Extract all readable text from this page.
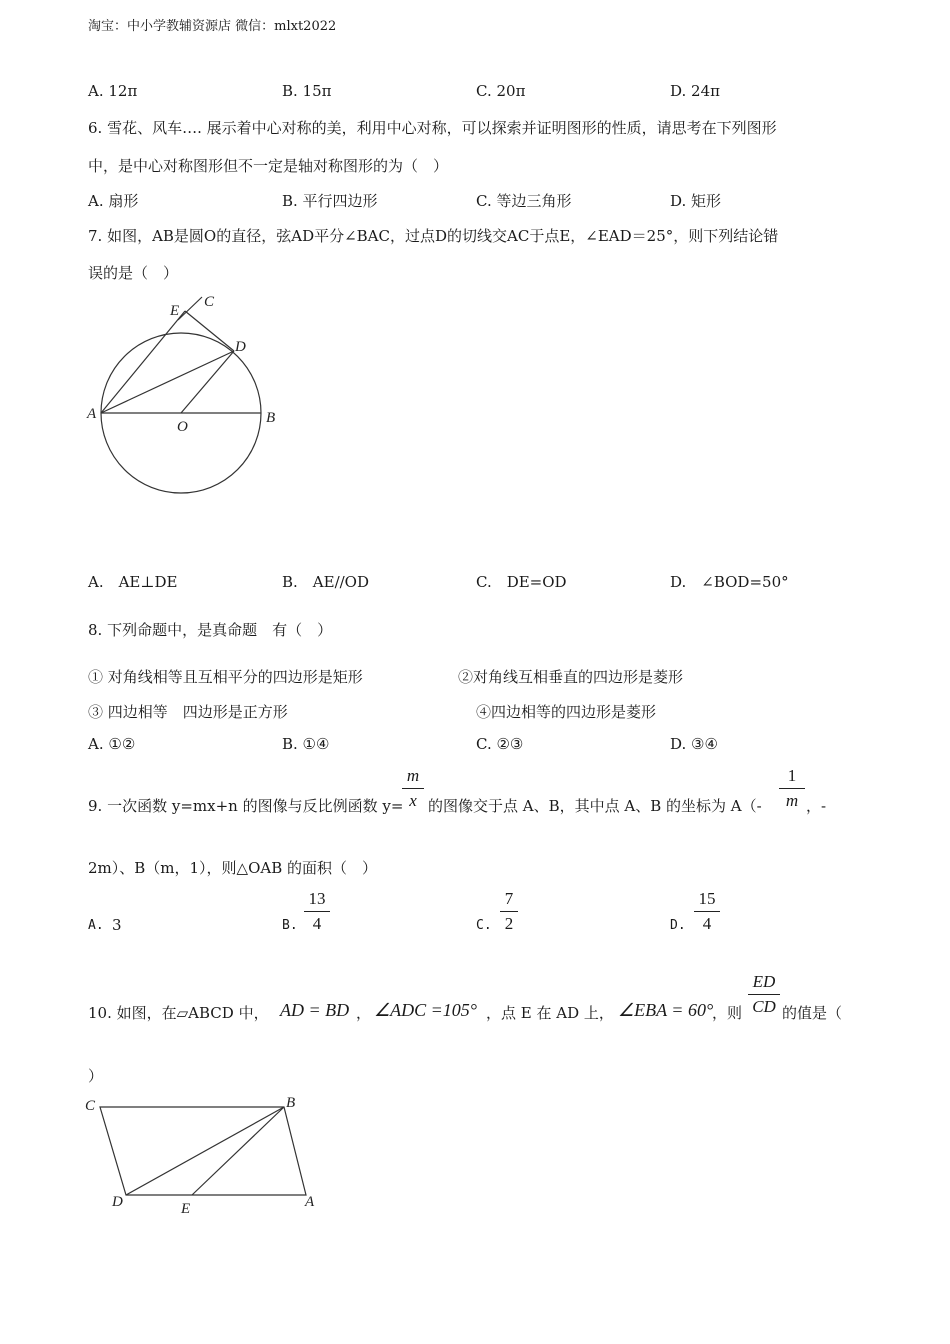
淘宝：中小学教辅资源店 微信：mlxt2022
A. 12π	B. 15π	C. 20π	D. 24π
6. 雪花、风车…. 展示着中心对称的美，利用中心对称，可以探索并证明图形的性质，请思考在下列图形
中，是中心对称图形但不一定是轴对称图形的为（　）
A. 扇形	B. 平行四边形	C. 等边三角形	D. 矩形
7. 如图，AB是圆O的直径，弦AD平分∠BAC，过点D的切线交AC于点E，∠EAD＝25°，则下列结论错
误的是（　）
C
E
D
A
O
B
A.　AE⊥DE	B.　AE//OD	C.　DE=OD	D.　∠BOD=50°
8. 下列命题中，是真命题　有（　）
① 对角线相等且互相平分的四边形是矩形	②对角线互相垂直的四边形是菱形
③ 四边相等　四边形是正方形	④四边相等的四边形是菱形
A. ①②	B. ①④	C. ②③	D. ③④
9. 一次函数 y=mx+n 的图像与反比例函数 y=
m
x 的图像交于点 A、B，其中点 A、B 的坐标为 A（-
1
m ，-
2m）、B（m，1），则△OAB 的面积（　）
A. 3	B.
13
4	C.
7
2	D.
15
4
10. 如图，在▱ABCD 中， AD = BD ， ∠ADC =105° ，点 E 在 AD 上， ∠EBA = 60°
，则
ED
CD 的值是（
）
C	B
D	E	A
